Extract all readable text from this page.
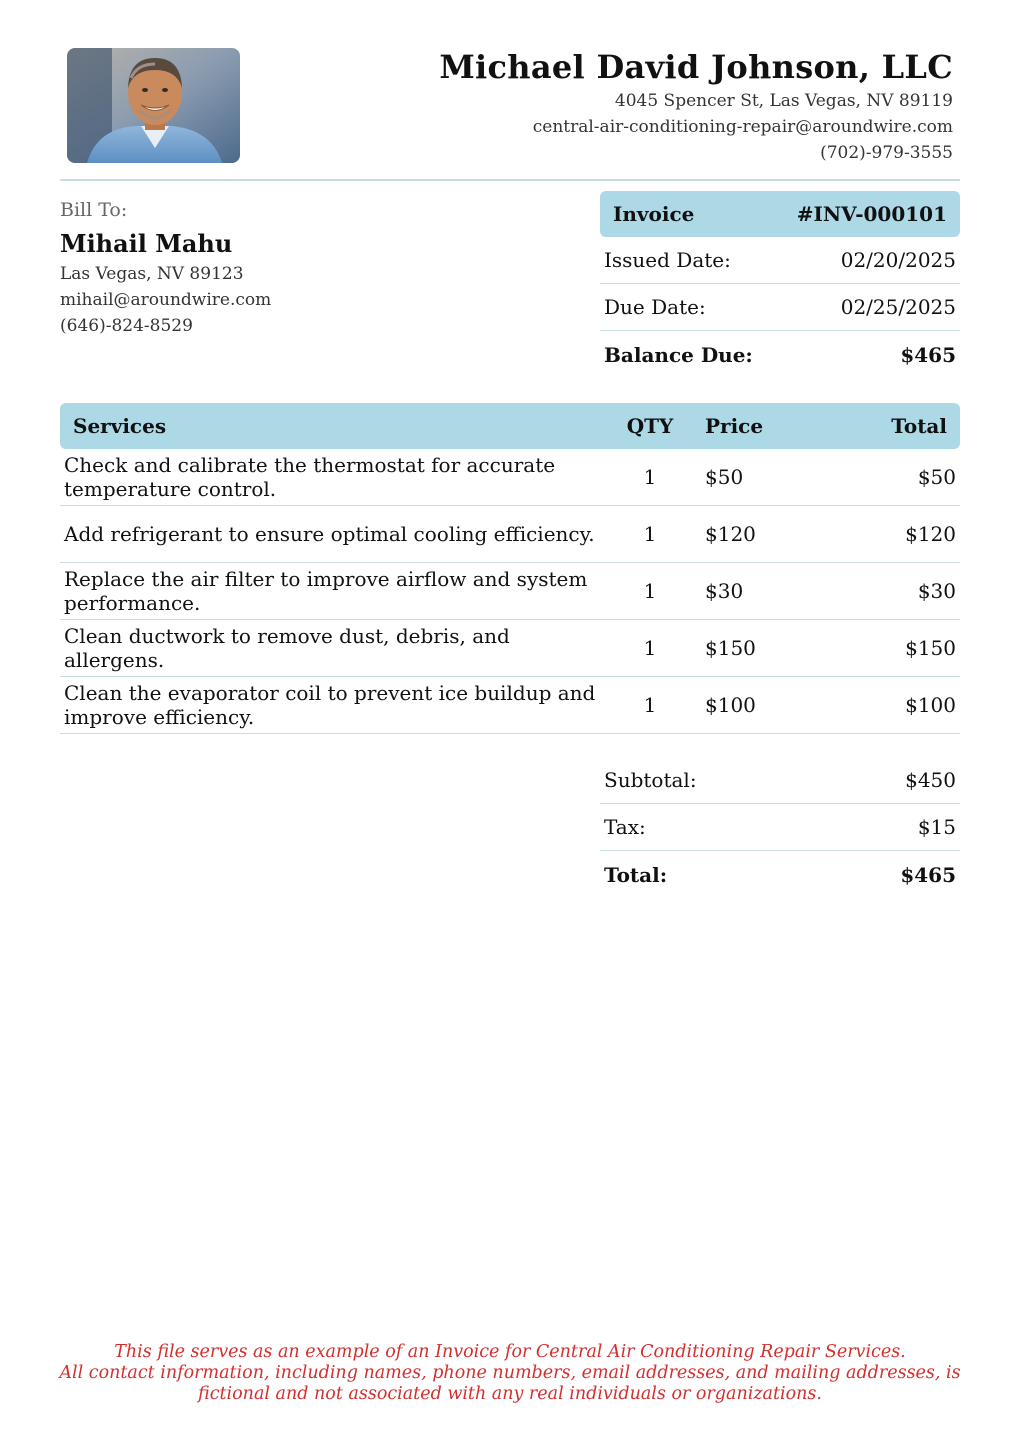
Michael David Johnson, LLC
4045 Spencer St, Las Vegas, NV 89119
central-air-conditioning-repair@aroundwire.com
(702)-979-3555
Bill To:
Mihail Mahu
Las Vegas, NV 89123
mihail@aroundwire.com
(646)-824-8529
Invoice	#INV-000101
Issued Date:	02/20/2025
Due Date:	02/25/2025
Balance Due:	$465
Services	QTY	Price	Total
Check and calibrate the thermostat for accurate temperature control.	1	$50	$50
Add refrigerant to ensure optimal cooling efficiency.	1	$120	$120
Replace the air filter to improve airflow and system performance.	1	$30	$30
Clean ductwork to remove dust, debris, and allergens.	1	$150	$150
Clean the evaporator coil to prevent ice buildup and improve efficiency.	1	$100	$100
Subtotal:	$450
Tax:	$15
Total:	$465
This file serves as an example of an Invoice for Central Air Conditioning Repair Services.
All contact information, including names, phone numbers, email addresses, and mailing addresses, is
fictional and not associated with any real individuals or organizations.
